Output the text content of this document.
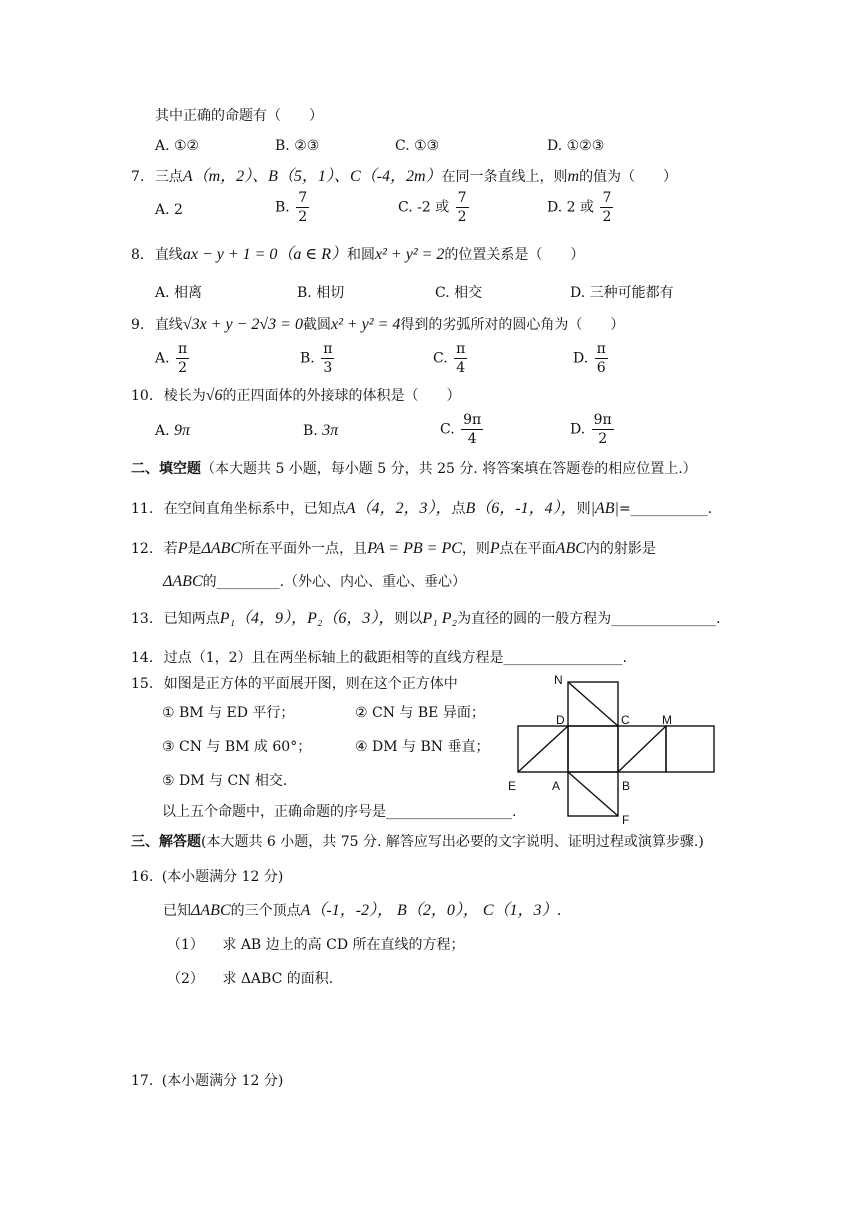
其中正确的命题有（　　）
A. ①②	B. ②③	C. ①③	D. ①②③
7. 三点A（m，2）、B（5，1）、C（-4，2m）在同一条直线上，则m的值为（　　）
A. 2	B. $\frac{7}{2}$	C. -2 或 $\frac{7}{2}$	D. 2 或 $\frac{7}{2}$
8. 直线ax − y + 1 = 0（a ∈ R）和圆x² + y² = 2的位置关系是（　　）
A. 相离	B. 相切	C. 相交	D. 三种可能都有
9. 直线√3x + y − 2√3 = 0截圆x² + y² = 4得到的劣弧所对的圆心角为（　　）
A. $\frac{\pi}{2}$	B. $\frac{\pi}{3}$	C. $\frac{\pi}{4}$	D. $\frac{\pi}{6}$
10. 棱长为√6的正四面体的外接球的体积是（　　）
A. 9π	B. 3π	C. $\frac{9\pi}{4}$	D. $\frac{9\pi}{2}$
二、填空题（本大题共 5 小题，每小题 5 分，共 25 分. 将答案填在答题卷的相应位置上.）
11. 在空间直角坐标系中，已知点A（4，2，3），点B（6，-1，4），则|AB|=___________.
12. 若P是ΔABC所在平面外一点，且PA = PB = PC，则P点在平面ABC内的射影是
ΔABC的_________.（外心、内心、重心、垂心）
13. 已知两点P₁（4，9），P₂（6，3），则以P₁ P₂为直径的圆的一般方程为_______________.
14. 过点（1，2）且在两坐标轴上的截距相等的直线方程是_________________.
15. 如图是正方体的平面展开图，则在这个正方体中
① BM 与 ED 平行；	② CN 与 BE 异面；
③ CN 与 BM 成 60°；	④ DM 与 BN 垂直；
⑤ DM 与 CN 相交.
以上五个命题中，正确命题的序号是__________________.
N
D	C	M
E	A	B
F
三、解答题(本大题共 6 小题，共 75 分. 解答应写出必要的文字说明、证明过程或演算步骤.)
16. (本小题满分 12 分)
已知ΔABC的三个顶点A（-1，-2）， B（2，0）， C（1，3）.
（1） 求 AB 边上的高 CD 所在直线的方程；
（2） 求 ΔABC 的面积.
17. (本小题满分 12 分)
